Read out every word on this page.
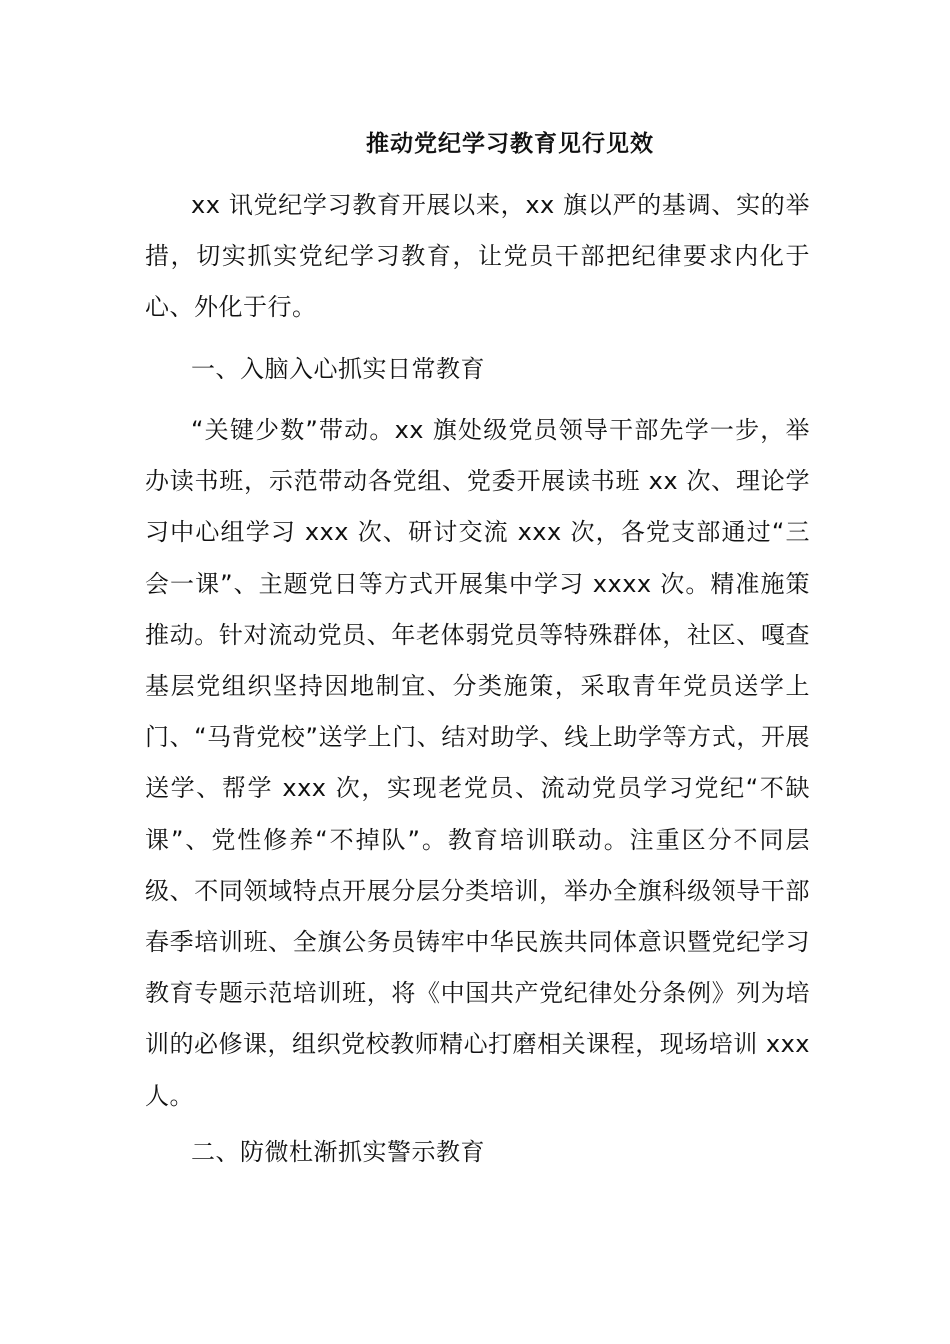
推动党纪学习教育见行见效

xx 讯党纪学习教育开展以来，xx 旗以严的基调、实的举措，切实抓实党纪学习教育，让党员干部把纪律要求内化于心、外化于行。

一、入脑入心抓实日常教育

“关键少数”带动。xx 旗处级党员领导干部先学一步，举办读书班，示范带动各党组、党委开展读书班 xx 次、理论学习中心组学习 xxx 次、研讨交流 xxx 次，各党支部通过“三会一课”、主题党日等方式开展集中学习 xxxx 次。精准施策推动。针对流动党员、年老体弱党员等特殊群体，社区、嘎查基层党组织坚持因地制宜、分类施策，采取青年党员送学上门、“马背党校”送学上门、结对助学、线上助学等方式，开展送学、帮学 xxx 次，实现老党员、流动党员学习党纪“不缺课”、党性修养“不掉队”。教育培训联动。注重区分不同层级、不同领域特点开展分层分类培训，举办全旗科级领导干部春季培训班、全旗公务员铸牢中华民族共同体意识暨党纪学习教育专题示范培训班，将《中国共产党纪律处分条例》列为培训的必修课，组织党校教师精心打磨相关课程，现场培训 xxx 人。

二、防微杜渐抓实警示教育
